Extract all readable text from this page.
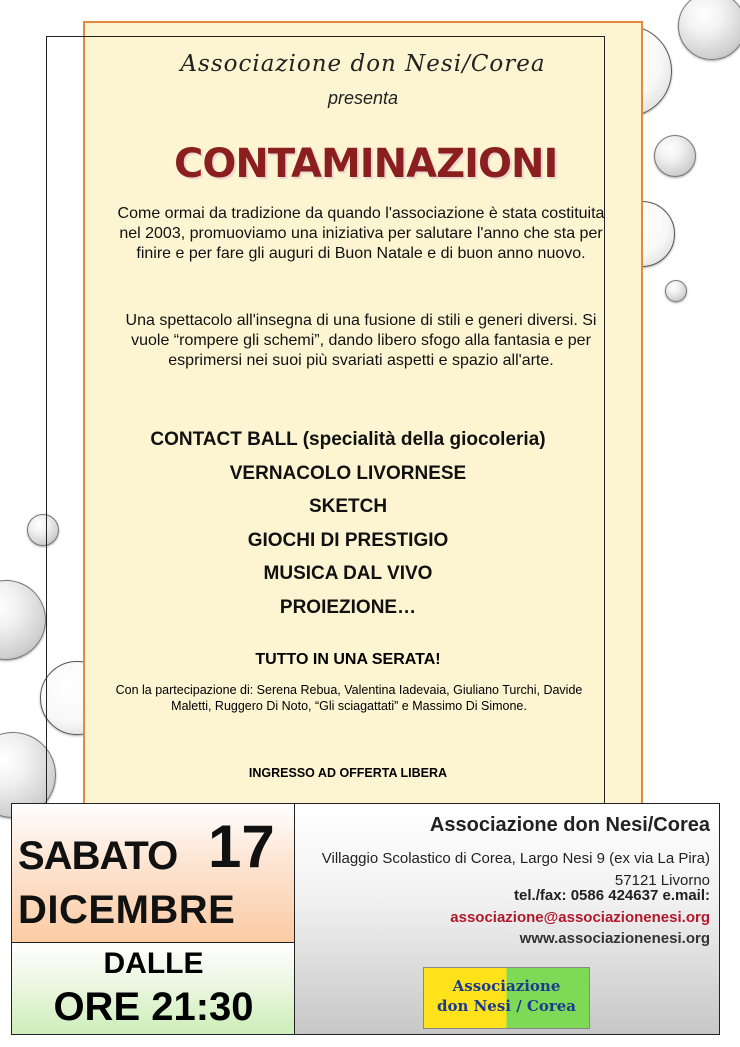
Associazione don Nesi/Corea
presenta
CONTAMINAZIONI
Come ormai da tradizione da quando l'associazione è stata costituita nel 2003, promuoviamo una iniziativa per salutare l'anno che sta per finire e per fare gli auguri di Buon Natale e di buon anno nuovo.
Una spettacolo all'insegna di una fusione di stili e generi diversi. Si vuole “rompere gli schemi”, dando libero sfogo alla fantasia e per esprimersi nei suoi più svariati aspetti e spazio all'arte.
CONTACT BALL (specialità della giocoleria)
VERNACOLO LIVORNESE
SKETCH
GIOCHI DI PRESTIGIO
MUSICA DAL VIVO
PROIEZIONE…
TUTTO IN UNA SERATA!
Con la partecipazione di: Serena Rebua, Valentina Iadevaia, Giuliano Turchi, Davide Maletti, Ruggero Di Noto, “Gli sciagattati” e Massimo Di Simone.
INGRESSO AD OFFERTA LIBERA
SABATO 17
DICEMBRE
DALLE
ORE 21:30
Associazione don Nesi/Corea
Villaggio Scolastico di Corea, Largo Nesi 9 (ex via La Pira) 57121 Livorno
tel./fax: 0586 424637 e.mail:
associazione@associazionenesi.org
www.associazionenesi.org
Associazione
don Nesi / Corea
